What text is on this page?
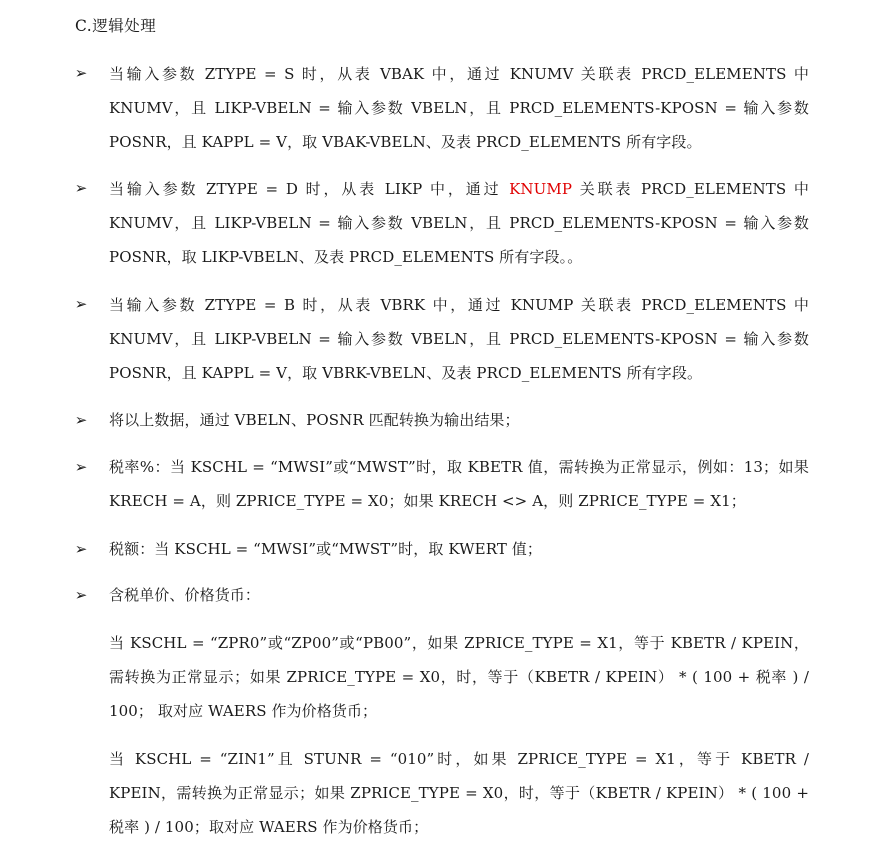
C.逻辑处理
➢ 当输入参数 ZTYPE = S 时，从表 VBAK 中，通过 KNUMV 关联表 PRCD_ELEMENTS 中 KNUMV，且 LIKP-VBELN = 输入参数 VBELN，且 PRCD_ELEMENTS-KPOSN = 输入参数 POSNR，且 KAPPL = V，取 VBAK-VBELN、及表 PRCD_ELEMENTS 所有字段。
➢ 当输入参数 ZTYPE = D 时，从表 LIKP 中，通过 KNUMP 关联表 PRCD_ELEMENTS 中 KNUMV，且 LIKP-VBELN = 输入参数 VBELN，且 PRCD_ELEMENTS-KPOSN = 输入参数 POSNR，取 LIKP-VBELN、及表 PRCD_ELEMENTS 所有字段。。
➢ 当输入参数 ZTYPE = B 时，从表 VBRK 中，通过 KNUMP 关联表 PRCD_ELEMENTS 中 KNUMV，且 LIKP-VBELN = 输入参数 VBELN，且 PRCD_ELEMENTS-KPOSN = 输入参数 POSNR，且 KAPPL = V，取 VBRK-VBELN、及表 PRCD_ELEMENTS 所有字段。
➢ 将以上数据，通过 VBELN、POSNR 匹配转换为输出结果；
➢ 税率%：当 KSCHL = “MWSI”或“MWST”时，取 KBETR 值，需转换为正常显示，例如：13；如果 KRECH = A，则 ZPRICE_TYPE = X0；如果 KRECH <> A，则 ZPRICE_TYPE = X1；
➢ 税额：当 KSCHL = “MWSI”或“MWST”时，取 KWERT 值；
➢ 含税单价、价格货币：
当 KSCHL = “ZPR0”或“ZP00”或“PB00”，如果 ZPRICE_TYPE = X1，等于 KBETR / KPEIN，需转换为正常显示；如果 ZPRICE_TYPE = X0，时，等于（KBETR / KPEIN） * ( 100 + 税率 ) / 100； 取对应 WAERS 作为价格货币；
当 KSCHL = “ZIN1”且 STUNR = “010”时，如果 ZPRICE_TYPE = X1，等于 KBETR / KPEIN，需转换为正常显示；如果 ZPRICE_TYPE = X0，时，等于（KBETR / KPEIN） * ( 100 + 税率 ) / 100；取对应 WAERS 作为价格货币；
